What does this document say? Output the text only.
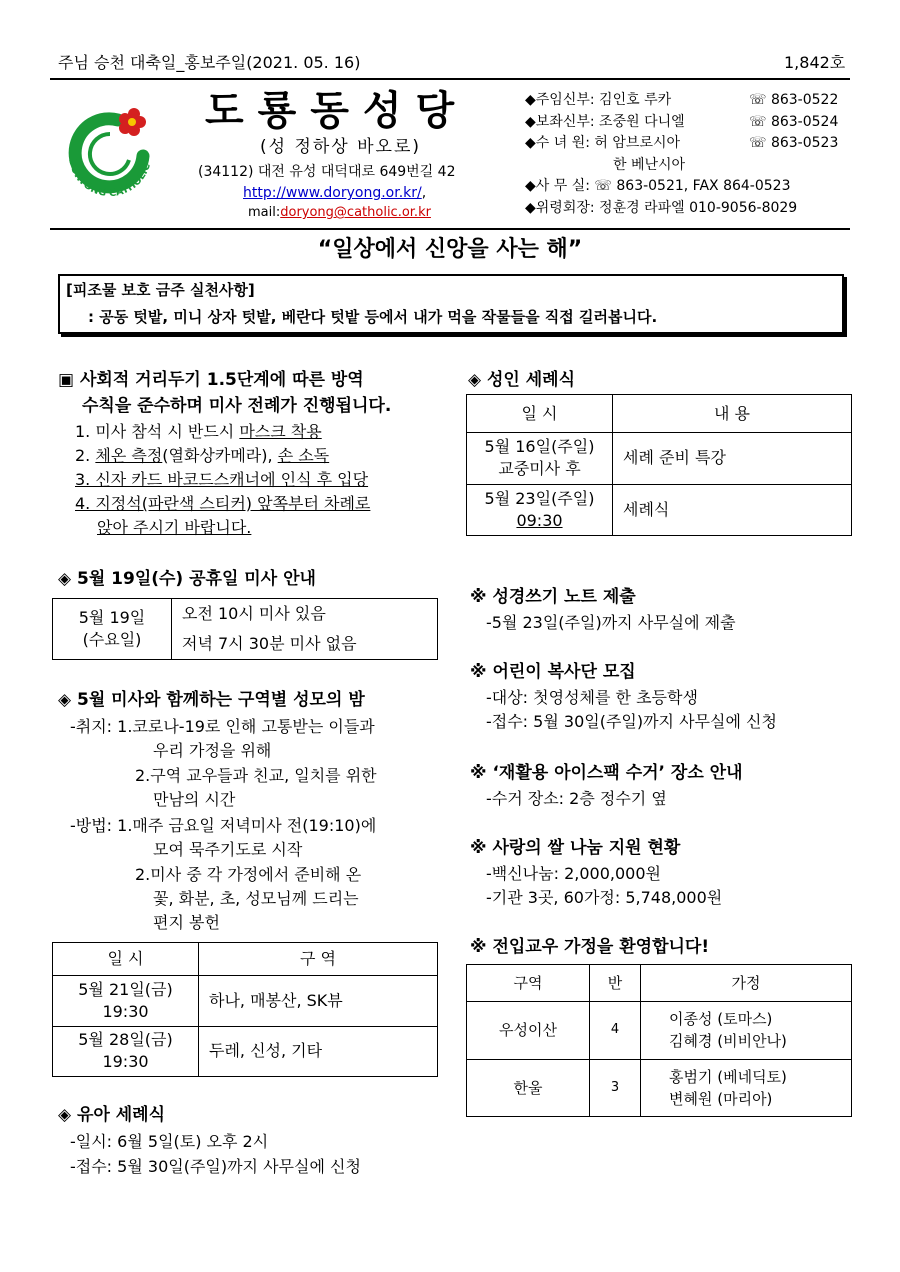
주님 승천 대축일_홍보주일(2021. 05. 16)	1,842호
DORYONG CATHOLIC
도룡동성당
(성 정하상 바오로)
(34112) 대전 유성 대덕대로 649번길 42
http://www.doryong.or.kr/,
mail:doryong@catholic.or.kr
◆주임신부: 김인호 루카	☏ 863-0522
◆보좌신부: 조중원 다니엘	☏ 863-0524
◆수 녀 원: 허 암브로시아	☏ 863-0523
한 베난시아
◆사 무 실: ☏ 863-0521, FAX 864-0523
◆위령회장: 정훈경 라파엘 010-9056-8029
“일상에서 신앙을 사는 해”
[피조물 보호 금주 실천사항]
: 공동 텃밭, 미니 상자 텃밭, 베란다 텃밭 등에서 내가 먹을 작물들을 직접 길러봅니다.
▣ 사회적 거리두기 1.5단계에 따른 방역
수칙을 준수하며 미사 전례가 진행됩니다.
1. 미사 참석 시 반드시 마스크 착용
2. 체온 측정(열화상카메라), 손 소독
3. 신자 카드 바코드스캐너에 인식 후 입당
4. 지정석(파란색 스티커) 앞쪽부터 차례로
앉아 주시기 바랍니다.
◈ 5월 19일(수) 공휴일 미사 안내
5월 19일
(수요일)
	오전 10시 미사 있음
저녁 7시 30분 미사 없음
◈ 5월 미사와 함께하는 구역별 성모의 밤
-취지: 1.코로나-19로 인해 고통받는 이들과
우리 가정을 위해
2.구역 교우들과 친교, 일치를 위한
만남의 시간
-방법: 1.매주 금요일 저녁미사 전(19:10)에
모여 묵주기도로 시작
2.미사 중 각 가정에서 준비해 온
꽃, 화분, 초, 성모님께 드리는
편지 봉헌
일 시	구 역

5월 21일(금)
19:30	하나, 매봉산, SK뷰

5월 28일(금)
19:30	두레, 신성, 기타
◈ 유아 세례식
-일시: 6월 5일(토) 오후 2시
-접수: 5월 30일(주일)까지 사무실에 신청
◈ 성인 세례식
일 시	내 용

5월 16일(주일)
교중미사 후	세례 준비 특강

5월 23일(주일)
09:30	세례식
※ 성경쓰기 노트 제출
-5월 23일(주일)까지 사무실에 제출
※ 어린이 복사단 모집
-대상: 첫영성체를 한 초등학생
-접수: 5월 30일(주일)까지 사무실에 신청
※ ‘재활용 아이스팩 수거’ 장소 안내
-수거 장소: 2층 정수기 옆
※ 사랑의 쌀 나눔 지원 현황
-백신나눔: 2,000,000원
-기관 3곳, 60가정: 5,748,000원
※ 전입교우 가정을 환영합니다!
구역	반	가정
우성이산	4	이종성 (토마스)
김혜경 (비비안나)

한울	3	홍범기 (베네딕토)
변혜원 (마리아)
